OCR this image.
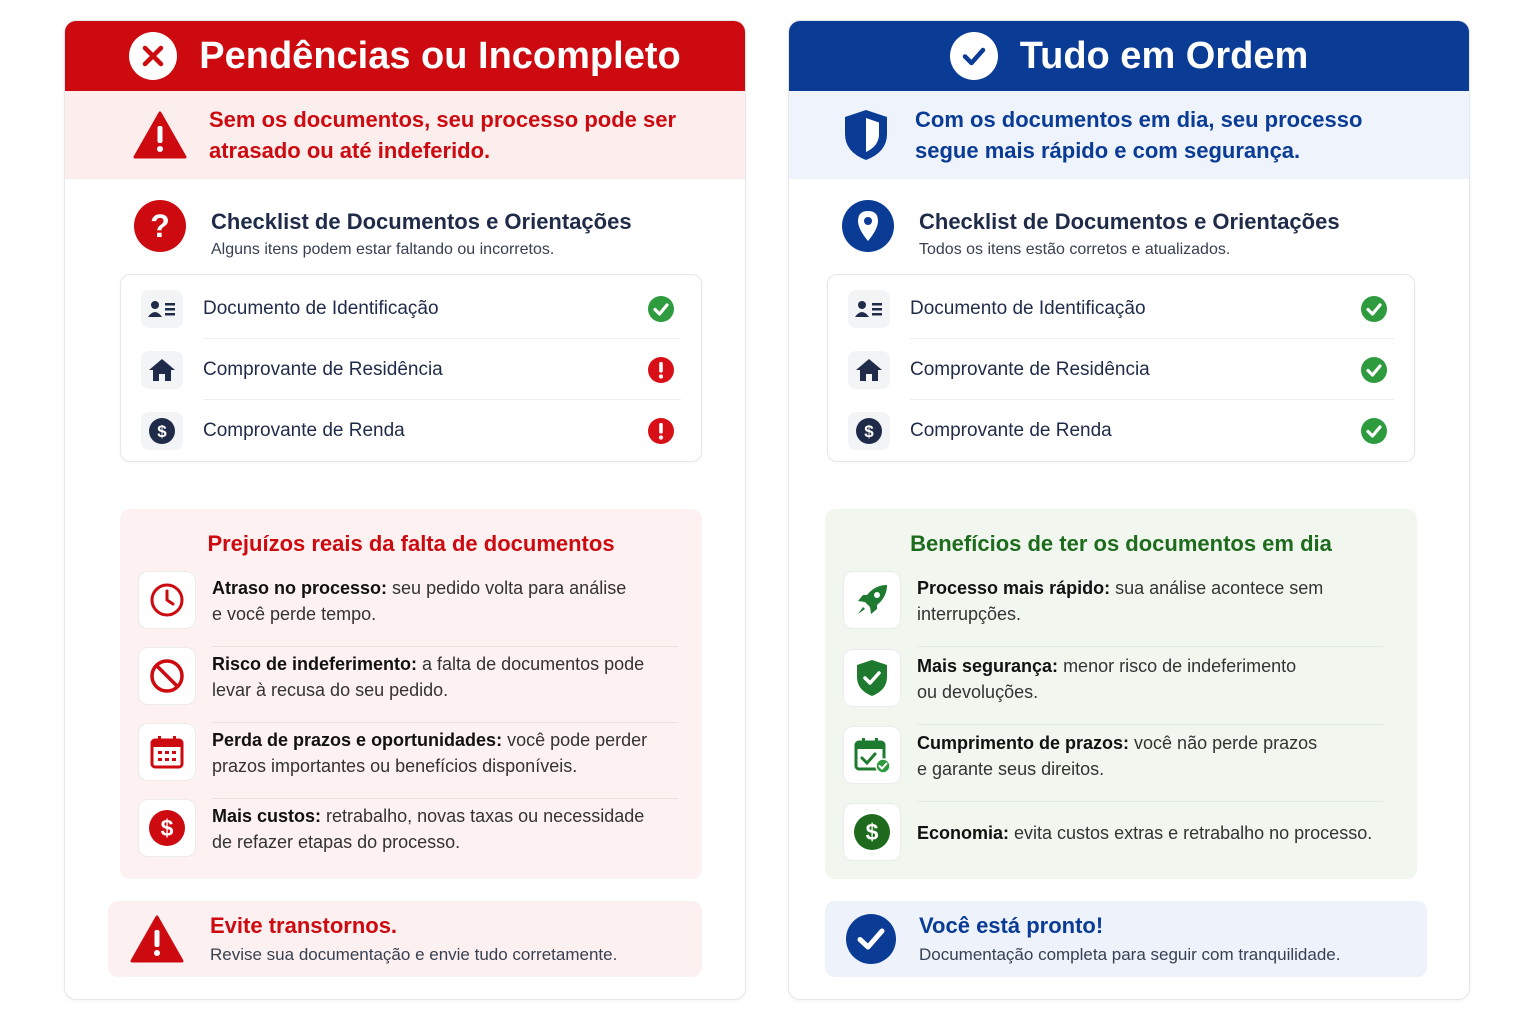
Pendências ou Incompleto
Sem os documentos, seu processo pode ser
atrasado ou até indeferido.
? Checklist de Documentos e Orientações
Alguns itens podem estar faltando ou incorretos.
Documento de Identificação
Comprovante de Residência
$ Comprovante de Renda
Prejuízos reais da falta de documentos
Atraso no processo: seu pedido volta para análise
e você perde tempo.
Risco de indeferimento: a falta de documentos pode
levar à recusa do seu pedido.
Perda de prazos e oportunidades: você pode perder
prazos importantes ou benefícios disponíveis.
$ Mais custos: retrabalho, novas taxas ou necessidade
de refazer etapas do processo.
Evite transtornos.
Revise sua documentação e envie tudo corretamente.
Tudo em Ordem
Com os documentos em dia, seu processo
segue mais rápido e com segurança.
Checklist de Documentos e Orientações
Todos os itens estão corretos e atualizados.
Documento de Identificação
Comprovante de Residência
$ Comprovante de Renda
Benefícios de ter os documentos em dia
Processo mais rápido: sua análise acontece sem
interrupções.
Mais segurança: menor risco de indeferimento
ou devoluções.
Cumprimento de prazos: você não perde prazos
e garante seus direitos.
$ Economia: evita custos extras e retrabalho no processo.
Você está pronto!
Documentação completa para seguir com tranquilidade.
